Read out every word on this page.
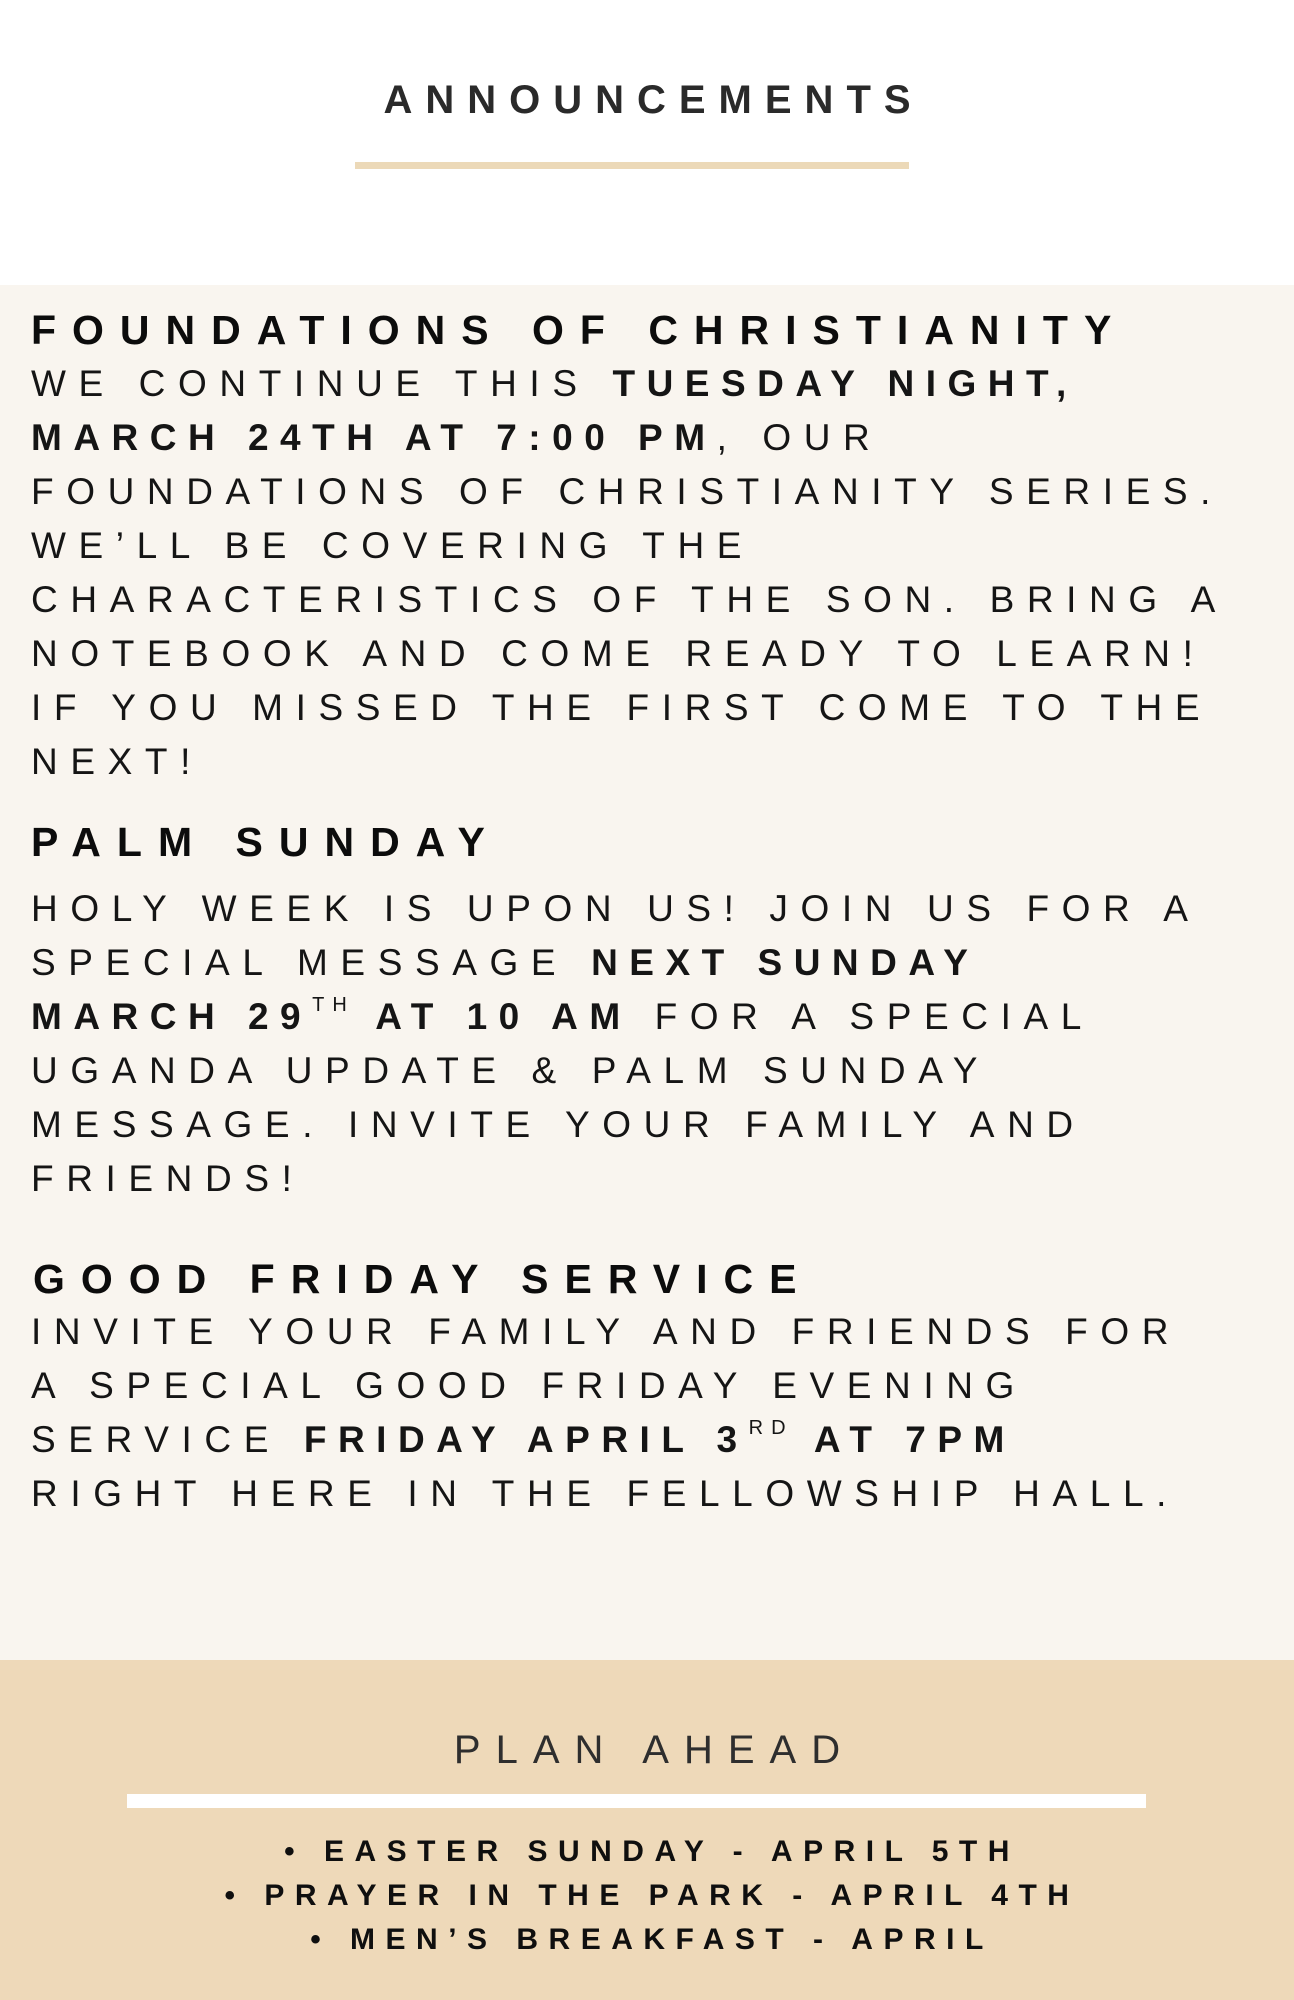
ANNOUNCEMENTS
FOUNDATIONS OF CHRISTIANITY
WE CONTINUE THIS TUESDAY NIGHT,
MARCH 24TH AT 7:00 PM, OUR
FOUNDATIONS OF CHRISTIANITY SERIES.
WE’LL BE COVERING THE
CHARACTERISTICS OF THE SON. BRING A
NOTEBOOK AND COME READY TO LEARN!
IF YOU MISSED THE FIRST COME TO THE
NEXT!
PALM SUNDAY
HOLY WEEK IS UPON US! JOIN US FOR A
SPECIAL MESSAGE NEXT SUNDAY
MARCH 29TH AT 10 AM FOR A SPECIAL
UGANDA UPDATE & PALM SUNDAY
MESSAGE. INVITE YOUR FAMILY AND
FRIENDS!
GOOD FRIDAY SERVICE
INVITE YOUR FAMILY AND FRIENDS FOR
A SPECIAL GOOD FRIDAY EVENING
SERVICE FRIDAY APRIL 3RD AT 7PM
RIGHT HERE IN THE FELLOWSHIP HALL.
PLAN AHEAD
• EASTER SUNDAY - APRIL 5TH
• PRAYER IN THE PARK - APRIL 4TH
• MEN’S BREAKFAST - APRIL
